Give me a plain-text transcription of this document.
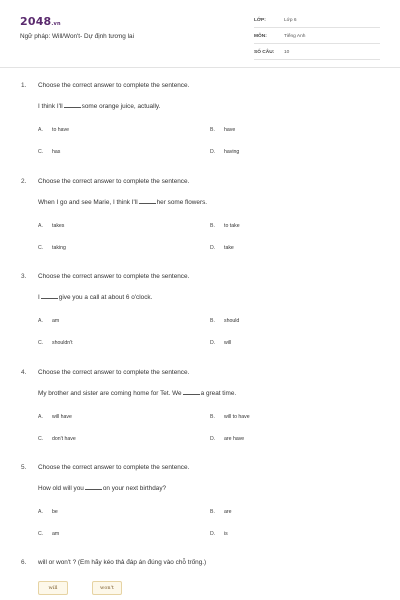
2048.vn
Ngữ pháp: Will/Won't- Dự định tương lai
LỚP:	Lớp 6
MÔN:	Tiếng Anh
SỐ CÂU: 10
1. Choose the correct answer to complete the sentence.
I think I'll	some orange juice, actually.
A. to have	B. have
C. has	D. having
2. Choose the correct answer to complete the sentence.
When I go and see Marie, I think I'll	her some flowers.
A. takes	B. to take
C. taking	D. take
3. Choose the correct answer to complete the sentence.
I	give you a call at about 6 o'clock.
A. am	B. should
C. shouldn't	D. will
4. Choose the correct answer to complete the sentence.
My brother and sister are coming home for Tet. We	a great time.
A. will have	B. will to have
C. don't have	D. are have
5. Choose the correct answer to complete the sentence.
How old will you	on your next birthday?
A. be	B. are
C. am	D. is
6. will or won't ? (Em hãy kéo thả đáp án đúng vào chỗ trống.)
will	won't
